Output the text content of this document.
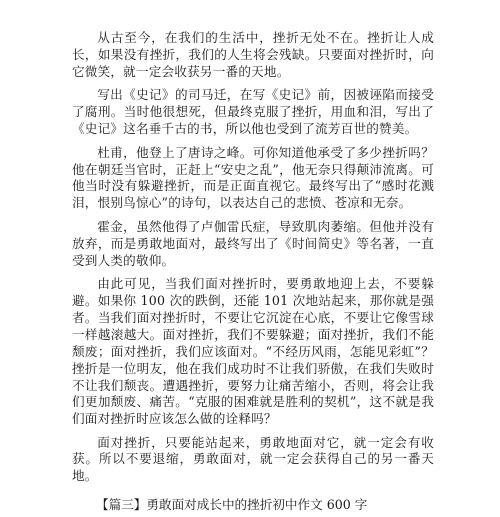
从古至今，在我们的生活中，挫折无处不在。挫折让人成长，如果没有挫折，我们的人生将会残缺。只要面对挫折时，向它微笑，就一定会收获另一番的天地。

写出《史记》的司马迁，在写《史记》前，因被诬陷而接受了腐刑。当时他很想死，但最终克服了挫折，用血和泪，写出了《史记》这名垂千古的书，所以他也受到了流芳百世的赞美。

杜甫，他登上了唐诗之峰。可你知道他承受了多少挫折吗？他在朝廷当官时，正赶上“安史之乱”，他无奈只得颠沛流离。可他当时没有躲避挫折，而是正面直视它。最终写出了“感时花溅泪，恨别鸟惊心”的诗句，以表达自己的悲愤、苍凉和无奈。

霍金，虽然他得了卢伽雷氏症，导致肌肉萎缩。但他并没有放弃，而是勇敢地面对，最终写出了《时间简史》等名著，一直受到人类的敬仰。

由此可见，当我们面对挫折时，要勇敢地迎上去，不要躲避。如果你 100 次的跌倒，还能 101 次地站起来，那你就是强者。当我们面对挫折时，不要让它沉淀在心底，不要让它像雪球一样越滚越大。面对挫折，我们不要躲避；面对挫折，我们不能颓废；面对挫折，我们应该面对。“不经历风雨，怎能见彩虹”？挫折是一位明友，他在我们成功时不让我们骄傲，在我们失败时不让我们颓丧。遭遇挫折，要努力让痛苦缩小，否则，将会让我们更加颓废、痛苦。“克服的困难就是胜利的契机”，这不就是我们面对挫折时应该怎么做的诠释吗？

面对挫折，只要能站起来，勇敢地面对它，就一定会有收获。所以不要退缩，勇敢面对，就一定会获得自己的另一番天地。

【篇三】勇敢面对成长中的挫折初中作文 600 字
